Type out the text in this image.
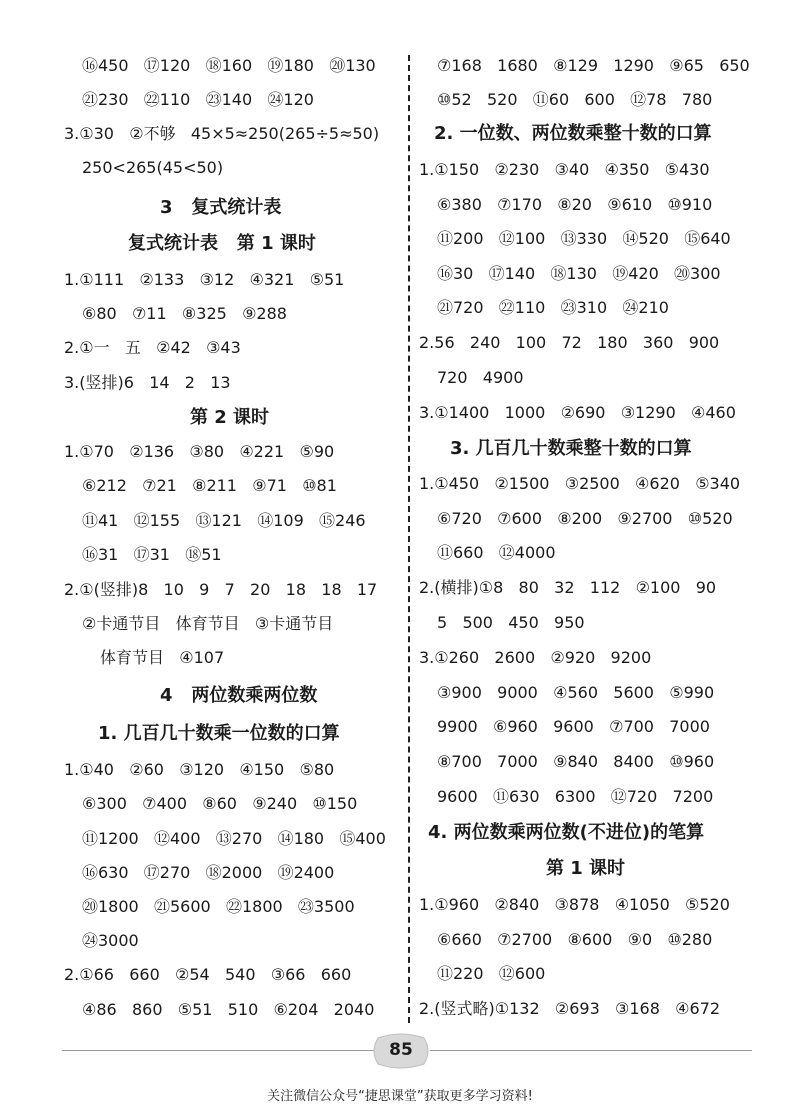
⑯450   ⑰120   ⑱160   ⑲180   ⑳130
㉑230   ㉒110   ㉓140   ㉔120
3.①30   ②不够   45×5≈250(265÷5≈50)
250<265(45<50)
3   复式统计表
复式统计表   第 1 课时
1.①111   ②133   ③12   ④321   ⑤51
⑥80   ⑦11   ⑧325   ⑨288
2.①一   五   ②42   ③43
3.(竖排)6   14   2   13
第 2 课时
1.①70   ②136   ③80   ④221   ⑤90
⑥212   ⑦21   ⑧211   ⑨71   ⑩81
⑪41   ⑫155   ⑬121   ⑭109   ⑮246
⑯31   ⑰31   ⑱51
2.①(竖排)8   10   9   7   20   18   18   17
②卡通节目   体育节目   ③卡通节目
体育节目   ④107
4   两位数乘两位数
1. 几百几十数乘一位数的口算
1.①40   ②60   ③120   ④150   ⑤80
⑥300   ⑦400   ⑧60   ⑨240   ⑩150
⑪1200   ⑫400   ⑬270   ⑭180   ⑮400
⑯630   ⑰270   ⑱2000   ⑲2400
⑳1800   ㉑5600   ㉒1800   ㉓3500
㉔3000
2.①66   660   ②54   540   ③66   660
④86   860   ⑤51   510   ⑥204   2040
⑦168   1680   ⑧129   1290   ⑨65   650
⑩52   520   ⑪60   600   ⑫78   780
2. 一位数、两位数乘整十数的口算
1.①150   ②230   ③40   ④350   ⑤430
⑥380   ⑦170   ⑧20   ⑨610   ⑩910
⑪200   ⑫100   ⑬330   ⑭520   ⑮640
⑯30   ⑰140   ⑱130   ⑲420   ⑳300
㉑720   ㉒110   ㉓310   ㉔210
2.56   240   100   72   180   360   900
720   4900
3.①1400   1000   ②690   ③1290   ④460
3. 几百几十数乘整十数的口算
1.①450   ②1500   ③2500   ④620   ⑤340
⑥720   ⑦600   ⑧200   ⑨2700   ⑩520
⑪660   ⑫4000
2.(横排)①8   80   32   112   ②100   90
5   500   450   950
3.①260   2600   ②920   9200
③900   9000   ④560   5600   ⑤990
9900   ⑥960   9600   ⑦700   7000
⑧700   7000   ⑨840   8400   ⑩960
9600   ⑪630   6300   ⑫720   7200
4. 两位数乘两位数(不进位)的笔算
第 1 课时
1.①960   ②840   ③878   ④1050   ⑤520
⑥660   ⑦2700   ⑧600   ⑨0   ⑩280
⑪220   ⑫600
2.(竖式略)①132   ②693   ③168   ④672
85
关注微信公众号“捷思课堂”获取更多学习资料!
